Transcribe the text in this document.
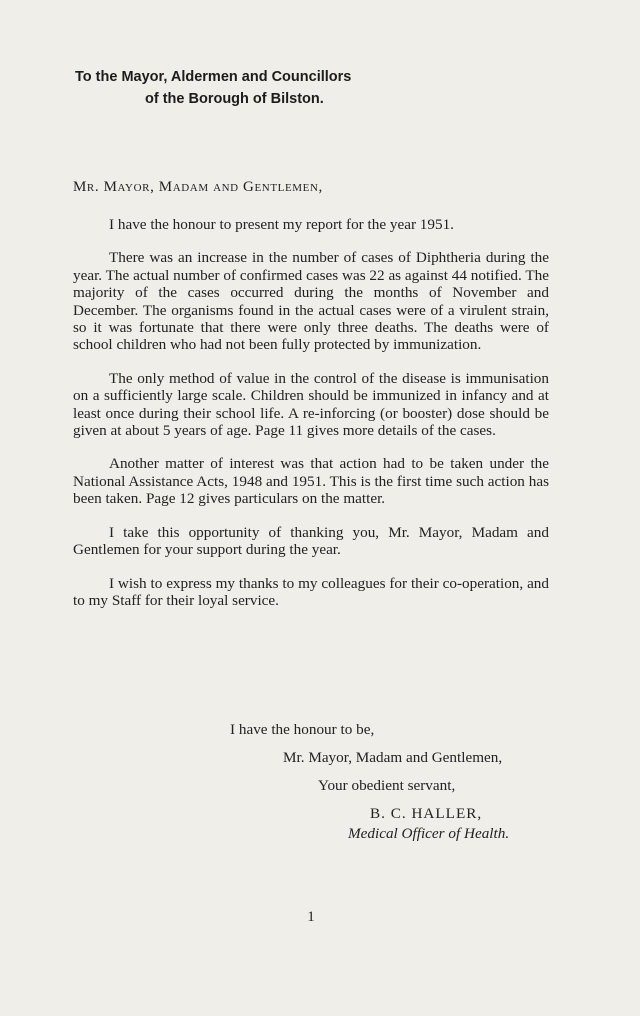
To the Mayor, Aldermen and Councillors
of the Borough of Bilston.
Mr. Mayor, Madam and Gentlemen,

I have the honour to present my report for the year 1951.

There was an increase in the number of cases of Diphtheria during the year. The actual number of confirmed cases was 22 as against 44 notified. The majority of the cases occurred during the months of November and December. The organisms found in the actual cases were of a virulent strain, so it was fortunate that there were only three deaths. The deaths were of school children who had not been fully protected by immunization.

The only method of value in the control of the disease is immunisation on a sufficiently large scale. Children should be immunized in infancy and at least once during their school life. A re-inforcing (or booster) dose should be given at about 5 years of age. Page 11 gives more details of the cases.

Another matter of interest was that action had to be taken under the National Assistance Acts, 1948 and 1951. This is the first time such action has been taken. Page 12 gives particulars on the matter.

I take this opportunity of thanking you, Mr. Mayor, Madam and Gentlemen for your support during the year.

I wish to express my thanks to my colleagues for their co-operation, and to my Staff for their loyal service.

I have the honour to be,
Mr. Mayor, Madam and Gentlemen,
Your obedient servant,
B. C. HALLER,
Medical Officer of Health.
1
